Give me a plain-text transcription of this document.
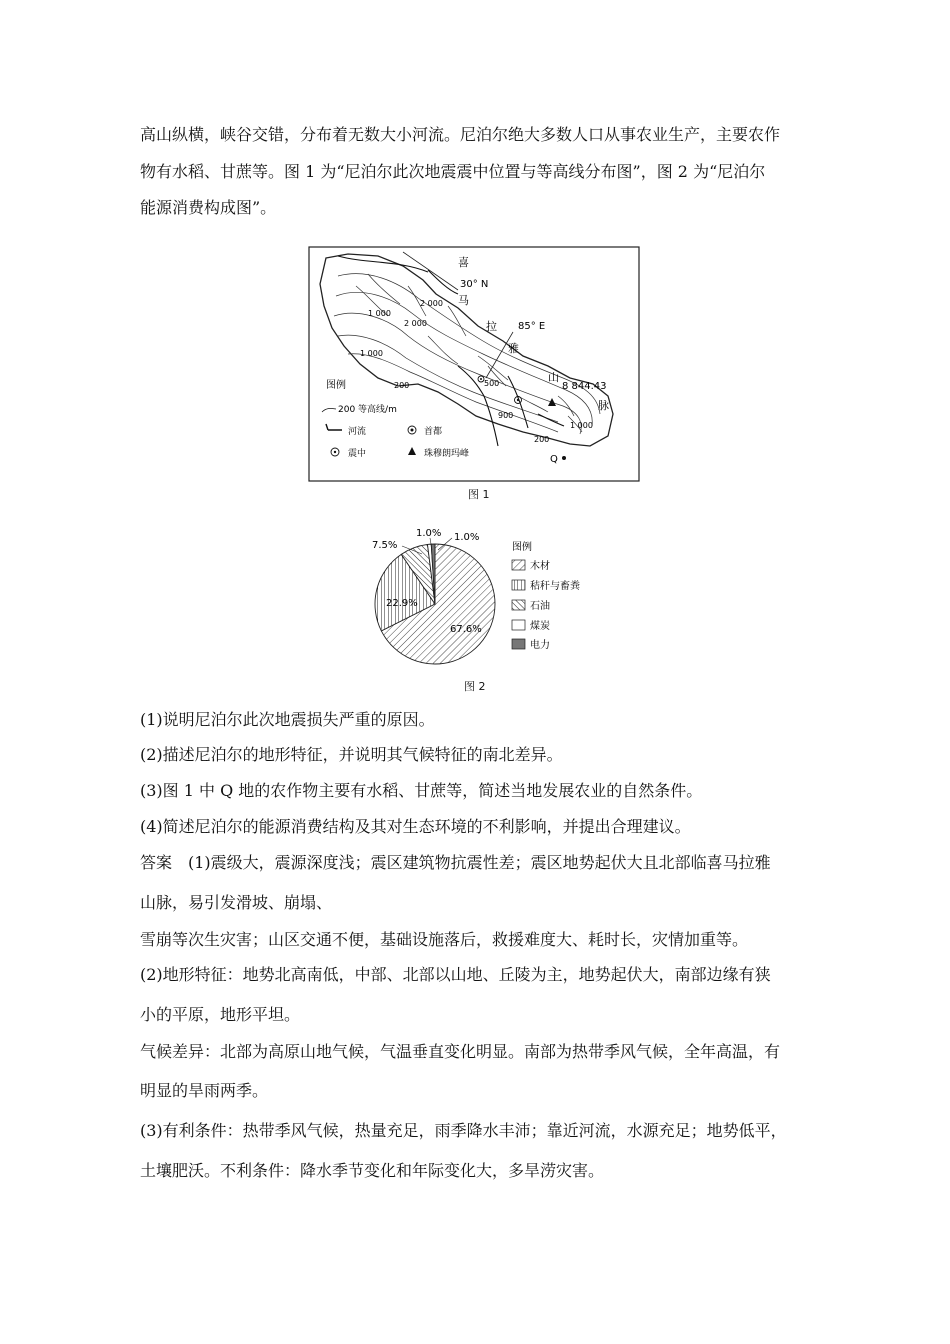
高山纵横，峡谷交错，分布着无数大小河流。尼泊尔绝大多数人口从事农业生产，主要农作

物有水稻、甘蔗等。图 1 为“尼泊尔此次地震震中位置与等高线分布图”，图 2 为“尼泊尔

能源消费构成图”。

喜
30° N
马
拉 85° E
雅
山
8 844.43
脉
Q
2 000
2 000
1 000
1 000
1 000
200
200
500
900
图例
200 等高线/m
河流	首都
震中	珠穆朗玛峰
图 1
7.5%
1.0% 1.0%
22.9%
67.6%
图例
木材
秸秆与畜粪
石油
煤炭
电力
图 2

(1)说明尼泊尔此次地震损失严重的原因。

(2)描述尼泊尔的地形特征，并说明其气候特征的南北差异。

(3)图 1 中 Q 地的农作物主要有水稻、甘蔗等，简述当地发展农业的自然条件。

(4)简述尼泊尔的能源消费结构及其对生态环境的不利影响，并提出合理建议。

答案　(1)震级大，震源深度浅；震区建筑物抗震性差；震区地势起伏大且北部临喜马拉雅

山脉，易引发滑坡、崩塌、

雪崩等次生灾害；山区交通不便，基础设施落后，救援难度大、耗时长，灾情加重等。

(2)地形特征：地势北高南低，中部、北部以山地、丘陵为主，地势起伏大，南部边缘有狭

小的平原，地形平坦。

气候差异：北部为高原山地气候，气温垂直变化明显。南部为热带季风气候，全年高温，有

明显的旱雨两季。

(3)有利条件：热带季风气候，热量充足，雨季降水丰沛；靠近河流，水源充足；地势低平，

土壤肥沃。不利条件：降水季节变化和年际变化大，多旱涝灾害。
